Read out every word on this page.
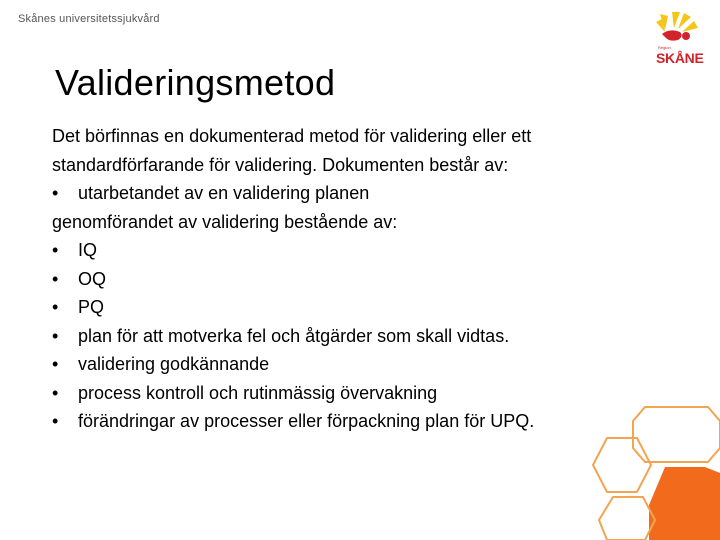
Skånes universitetssjukvård
Region
SKÅNE
Valideringsmetod

Det börfinnas en dokumenterad metod för validering eller ett standardförfarande för validering. Dokumenten består av:

• utarbetandet av en validering planen

genomförandet av validering bestående av:

• IQ
• OQ
• PQ
• plan för att motverka fel och åtgärder som skall vidtas.
• validering godkännande
• process kontroll och rutinmässig övervakning
• förändringar av processer eller förpackning plan för UPQ.
